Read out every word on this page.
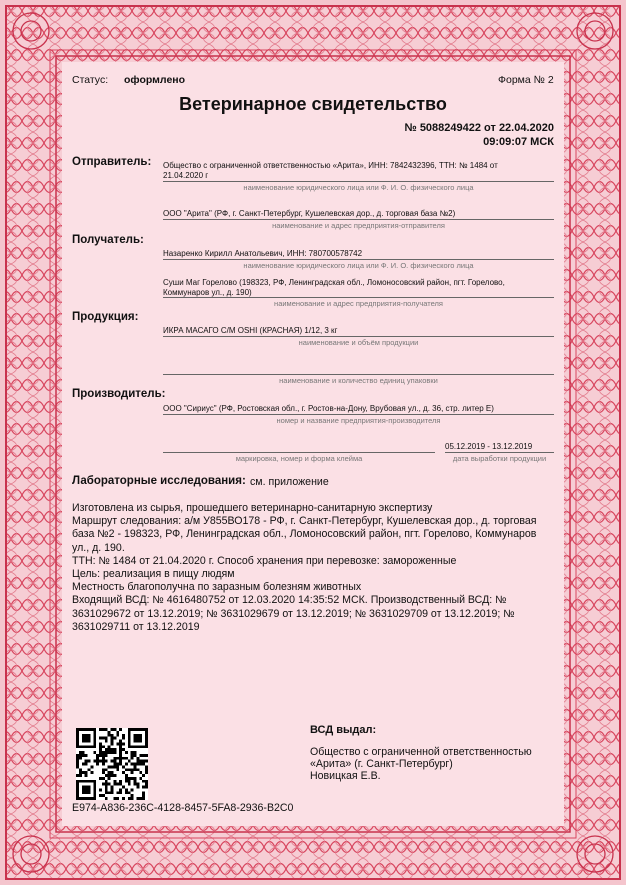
Статус: оформлено	Форма № 2
Ветеринарное свидетельство
№ 5088249422 от 22.04.2020
09:09:07 МСК
Отправитель: Общество с ограниченной ответственностью «Арита», ИНН: 7842432396, ТТН: № 1484 от
21.04.2020 г
наименование юридического лица или Ф. И. О. физического лица
ООО "Арита" (РФ, г. Санкт-Петербург, Кушелевская дор., д. торговая база №2)
наименование и адрес предприятия-отправителя
Получатель:
Назаренко Кирилл Анатольевич, ИНН: 780700578742
наименование юридического лица или Ф. И. О. физического лица
Суши Маг Горелово (198323, РФ, Ленинградская обл., Ломоносовский район, пгт. Горелово,
Коммунаров ул., д. 190)
наименование и адрес предприятия-получателя
Продукция:
ИКРА МАСАГО С/М OSHI (КРАСНАЯ) 1/12, 3 кг
наименование и объём продукции
наименование и количество единиц упаковки
Производитель:
ООО "Сириус" (РФ, Ростовская обл., г. Ростов-на-Дону, Врубовая ул., д. 36, стр. литер Е)
номер и название предприятия-производителя
05.12.2019 - 13.12.2019
маркировка, номер и форма клейма	дата выработки продукции
Лабораторные исследования: см. приложение
Изготовлена из сырья, прошедшего ветеринарно-санитарную экспертизу
Маршрут следования: а/м У855ВО178 - РФ, г. Санкт-Петербург, Кушелевская дор., д. торговая база №2 - 198323, РФ, Ленинградская обл., Ломоносовский район, пгт. Горелово, Коммунаров ул., д. 190.
ТТН: № 1484 от 21.04.2020 г. Способ хранения при перевозке: замороженные
Цель: реализация в пищу людям
Местность благополучна по заразным болезням животных
Входящий ВСД: № 4616480752 от 12.03.2020 14:35:52 МСК. Производственный ВСД: № 3631029672 от 13.12.2019; № 3631029679 от 13.12.2019; № 3631029709 от 13.12.2019; № 3631029711 от 13.12.2019
ВСД выдал:
Общество с ограниченной ответственностью
«Арита» (г. Санкт-Петербург)
Новицкая Е.В.
E974-A836-236C-4128-8457-5FA8-2936-B2C0
